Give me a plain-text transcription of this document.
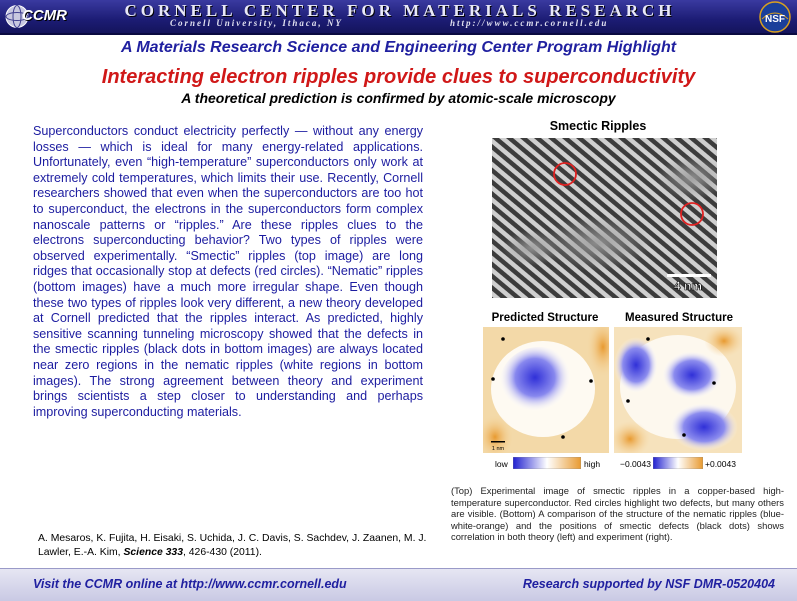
CCMR	CORNELL CENTER FOR MATERIALS RESEARCH
Cornell University, Ithaca, NY	http://www.ccmr.cornell.edu	NSF
A Materials Research Science and Engineering Center Program Highlight
Interacting electron ripples provide clues to superconductivity
A theoretical prediction is confirmed by atomic-scale microscopy

Superconductors conduct electricity perfectly — without any energy losses — which is ideal for many energy-related applications. Unfortunately, even “high-temperature” superconductors only work at extremely cold temperatures, which limits their use. Recently, Cornell researchers showed that even when the superconductors are too hot to superconduct, the electrons in the superconductors form complex nanoscale patterns or “ripples.” Are these ripples clues to the electrons superconducting behavior? Two types of ripples were observed experimentally. “Smectic” ripples (top image) are long ridges that occasionally stop at defects (red circles). “Nematic” ripples (bottom images) have a much more irregular shape. Even though these two types of ripples look very different, a new theory developed at Cornell predicted that the ripples interact. As predicted, highly sensitive scanning tunneling microscopy showed that the defects in the smectic ripples (black dots in bottom images) are always located near zero regions in the nematic ripples (white regions in bottom images). The strong agreement between theory and experiment brings scientists a step closer to understanding and perhaps improving superconducting materials.

A. Mesaros, K. Fujita, H. Eisaki, S. Uchida, J. C. Davis, S. Sachdev, J. Zaanen, M. J. Lawler, E.-A. Kim, Science 333, 426-430 (2011).

Smectic Ripples
4 nm
Predicted Structure	Measured Structure
1 nm
low	high −0.0043	+0.0043

(Top) Experimental image of smectic ripples in a copper-based high-temperature superconductor. Red circles highlight two defects, but many others are visible. (Bottom) A comparison of the structure of the nematic ripples (blue-white-orange) and the positions of smectic defects (black dots) shows correlation in both theory (left) and experiment (right).

Visit the CCMR online at http://www.ccmr.cornell.edu	Research supported by NSF DMR-0520404
